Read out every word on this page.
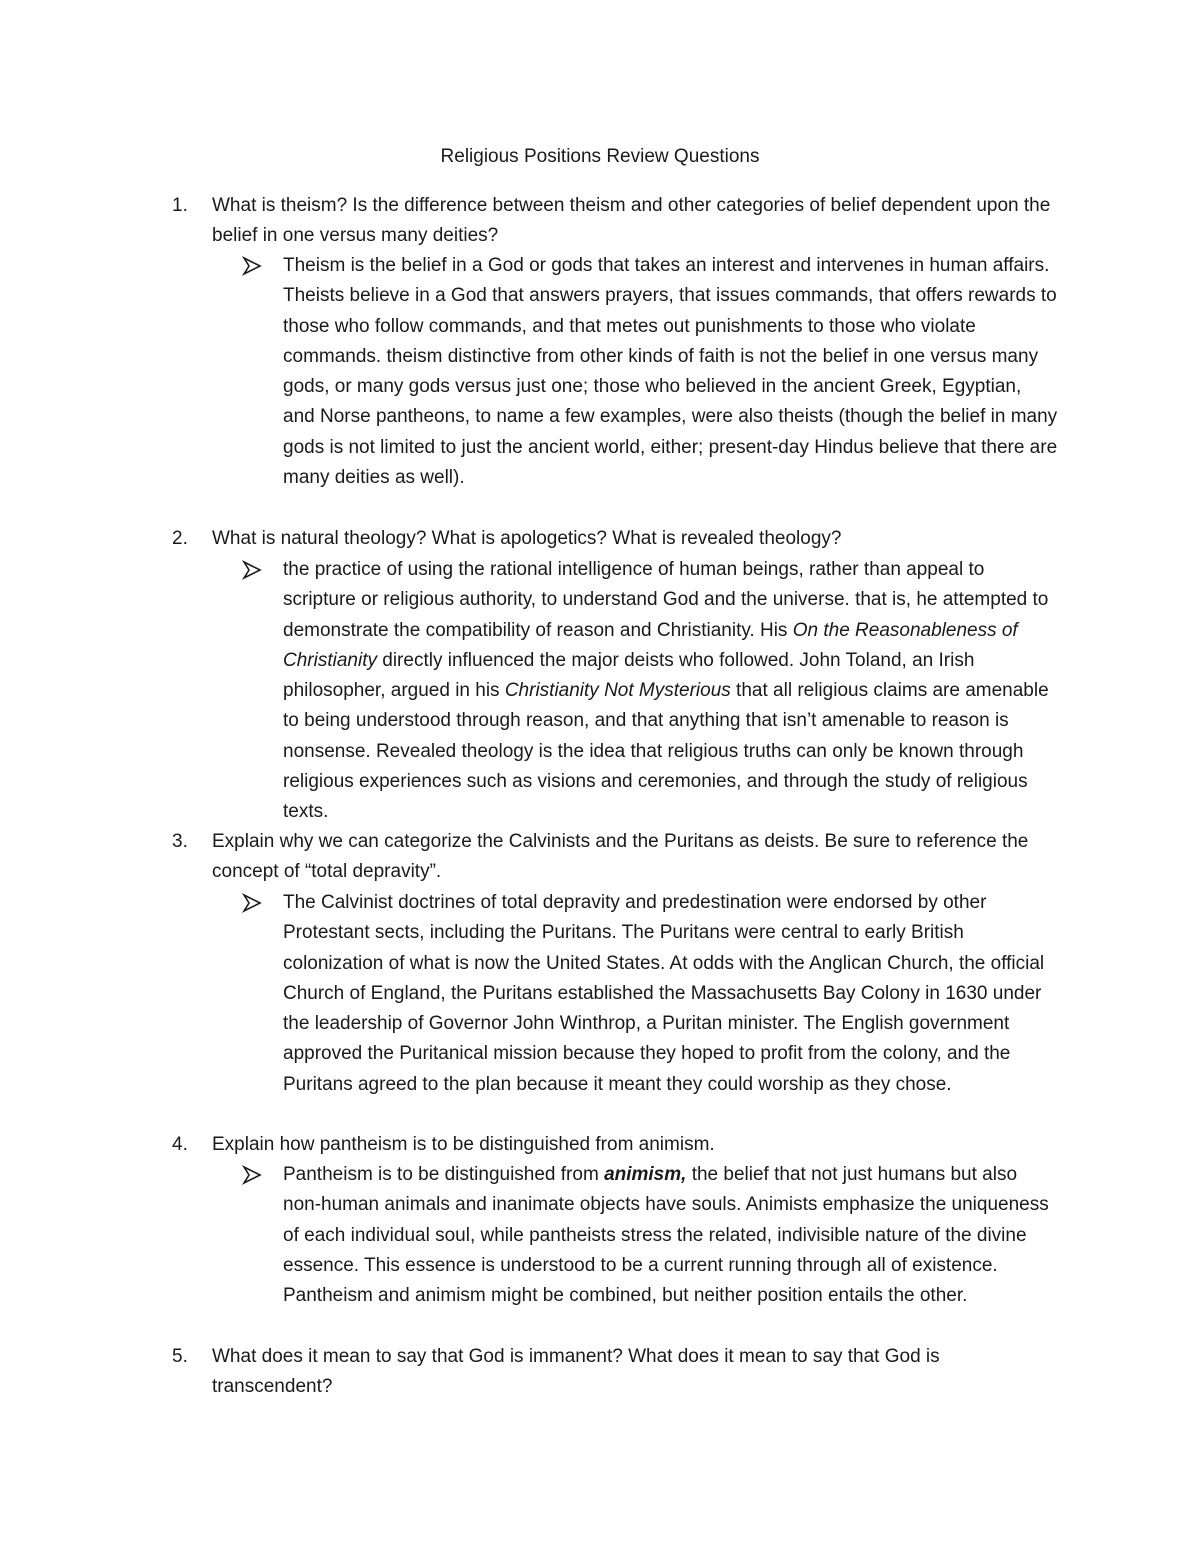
Religious Positions Review Questions
1.	What is theism? Is the difference between theism and other categories of belief dependent upon the belief in one versus many deities?
Theism is the belief in a God or gods that takes an interest and intervenes in human affairs. Theists believe in a God that answers prayers, that issues commands, that offers rewards to those who follow commands, and that metes out punishments to those who violate commands. theism distinctive from other kinds of faith is not the belief in one versus many gods, or many gods versus just one; those who believed in the ancient Greek, Egyptian, and Norse pantheons, to name a few examples, were also theists (though the belief in many gods is not limited to just the ancient world, either; present-day Hindus believe that there are many deities as well).
2.	What is natural theology? What is apologetics? What is revealed theology?
the practice of using the rational intelligence of human beings, rather than appeal to scripture or religious authority, to understand God and the universe. that is, he attempted to demonstrate the compatibility of reason and Christianity. His On the Reasonableness of Christianity directly influenced the major deists who followed. John Toland, an Irish philosopher, argued in his Christianity Not Mysterious that all religious claims are amenable to being understood through reason, and that anything that isn’t amenable to reason is nonsense. Revealed theology is the idea that religious truths can only be known through religious experiences such as visions and ceremonies, and through the study of religious texts.
3.	Explain why we can categorize the Calvinists and the Puritans as deists. Be sure to reference the concept of “total depravity”.
The Calvinist doctrines of total depravity and predestination were endorsed by other Protestant sects, including the Puritans. The Puritans were central to early British colonization of what is now the United States. At odds with the Anglican Church, the official Church of England, the Puritans established the Massachusetts Bay Colony in 1630 under the leadership of Governor John Winthrop, a Puritan minister. The English government approved the Puritanical mission because they hoped to profit from the colony, and the Puritans agreed to the plan because it meant they could worship as they chose.
4.	Explain how pantheism is to be distinguished from animism.
Pantheism is to be distinguished from animism, the belief that not just humans but also non-human animals and inanimate objects have souls. Animists emphasize the uniqueness of each individual soul, while pantheists stress the related, indivisible nature of the divine essence. This essence is understood to be a current running through all of existence. Pantheism and animism might be combined, but neither position entails the other.
5.	What does it mean to say that God is immanent? What does it mean to say that God is transcendent?
